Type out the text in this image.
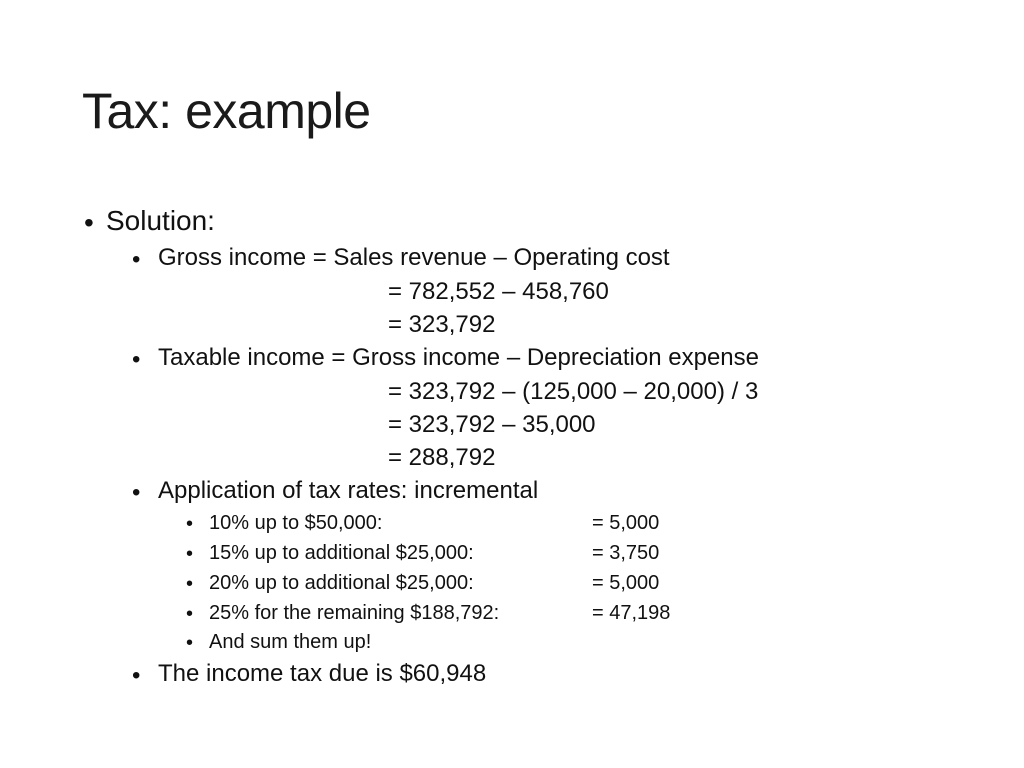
Tax: example
• Solution:
• Gross income = Sales revenue – Operating cost
= 782,552 – 458,760
= 323,792
• Taxable income = Gross income – Depreciation expense
= 323,792 – (125,000 – 20,000) / 3
= 323,792 – 35,000
= 288,792
• Application of tax rates: incremental
• 10% up to $50,000:	= 5,000
• 15% up to additional $25,000:	= 3,750
• 20% up to additional $25,000:	= 5,000
• 25% for the remaining $188,792:	= 47,198
• And sum them up!
• The income tax due is $60,948
